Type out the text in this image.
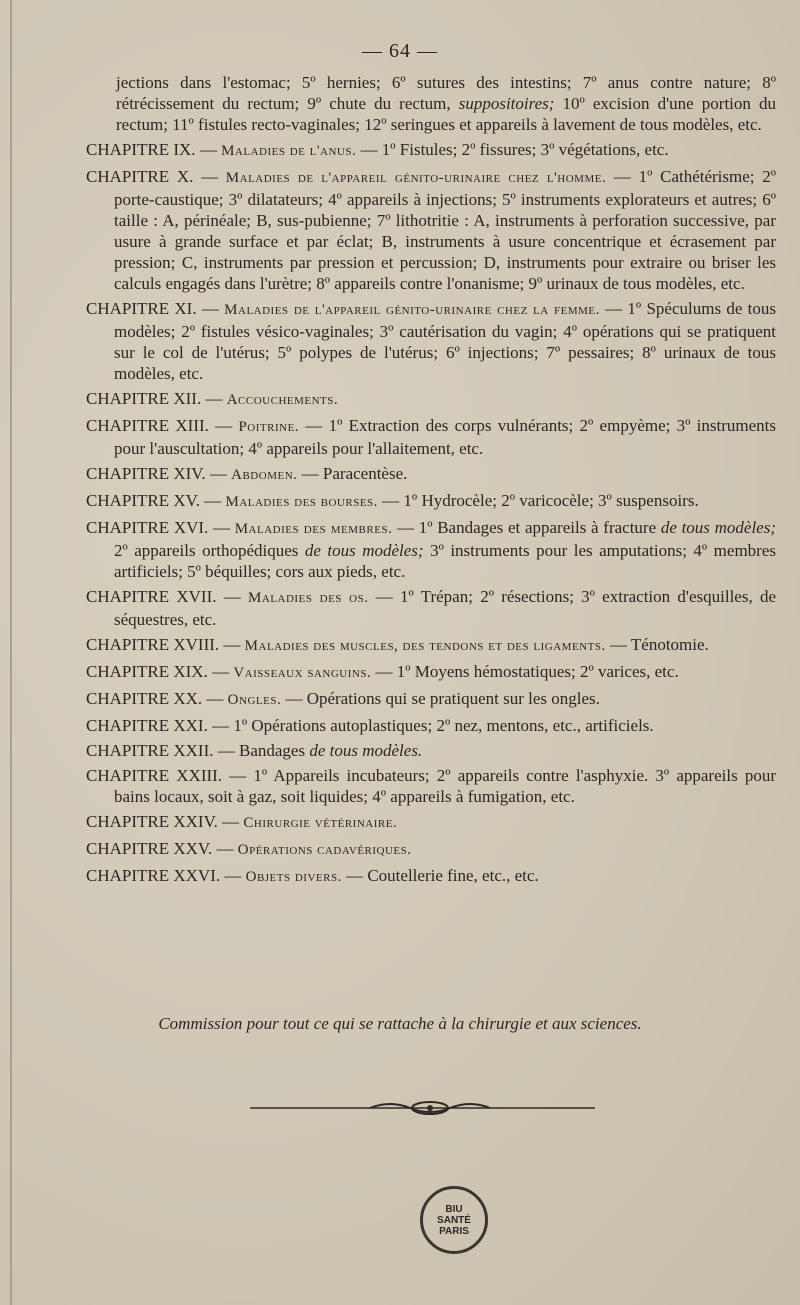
— 64 —

jections dans l'estomac; 5º hernies; 6º sutures des intestins; 7º anus contre nature; 8º rétrécissement du rectum; 9º chute du rectum, suppositoires; 10º excision d'une portion du rectum; 11º fistules recto-vaginales; 12º seringues et appareils à lavement de tous modèles, etc.

CHAPITRE IX. — Maladies de l'anus. — 1º Fistules; 2º fissures; 3º végétations, etc.

CHAPITRE X. — Maladies de l'appareil génito-urinaire chez l'homme. — 1º Cathétérisme; 2º porte-caustique; 3º dilatateurs; 4º appareils à injections; 5º instruments explorateurs et autres; 6º taille : A, périnéale; B, sus-pubienne; 7º lithotritie : A, instruments à perforation successive, par usure à grande surface et par éclat; B, instruments à usure concentrique et écrasement par pression; C, instruments par pression et percussion; D, instruments pour extraire ou briser les calculs engagés dans l'urètre; 8º appareils contre l'onanisme; 9º urinaux de tous modèles, etc.

CHAPITRE XI. — Maladies de l'appareil génito-urinaire chez la femme. — 1º Spéculums de tous modèles; 2º fistules vésico-vaginales; 3º cautérisation du vagin; 4º opérations qui se pratiquent sur le col de l'utérus; 5º polypes de l'utérus; 6º injections; 7º pessaires; 8º urinaux de tous modèles, etc.

CHAPITRE XII. — Accouchements.

CHAPITRE XIII. — Poitrine. — 1º Extraction des corps vulnérants; 2º empyème; 3º instruments pour l'auscultation; 4º appareils pour l'allaitement, etc.

CHAPITRE XIV. — Abdomen. — Paracentèse.

CHAPITRE XV. — Maladies des bourses. — 1º Hydrocèle; 2º varicocèle; 3º suspensoirs.

CHAPITRE XVI. — Maladies des membres. — 1º Bandages et appareils à fracture de tous modèles; 2º appareils orthopédiques de tous modèles; 3º instruments pour les amputations; 4º membres artificiels; 5º béquilles; cors aux pieds, etc.

CHAPITRE XVII. — Maladies des os. — 1º Trépan; 2º résections; 3º extraction d'esquilles, de séquestres, etc.

CHAPITRE XVIII. — Maladies des muscles, des tendons et des ligaments. — Ténotomie.

CHAPITRE XIX. — Vaisseaux sanguins. — 1º Moyens hémostatiques; 2º varices, etc.

CHAPITRE XX. — Ongles. — Opérations qui se pratiquent sur les ongles.

CHAPITRE XXI. — 1º Opérations autoplastiques; 2º nez, mentons, etc., artificiels.

CHAPITRE XXII. — Bandages de tous modèles.

CHAPITRE XXIII. — 1º Appareils incubateurs; 2º appareils contre l'asphyxie. 3º appareils pour bains locaux, soit à gaz, soit liquides; 4º appareils à fumigation, etc.

CHAPITRE XXIV. — Chirurgie vétérinaire.

CHAPITRE XXV. — Opérations cadavériques.

CHAPITRE XXVI. — Objets divers. — Coutellerie fine, etc., etc.

Commission pour tout ce qui se rattache à la chirurgie et aux sciences.
BIU
SANTÉ
PARIS
